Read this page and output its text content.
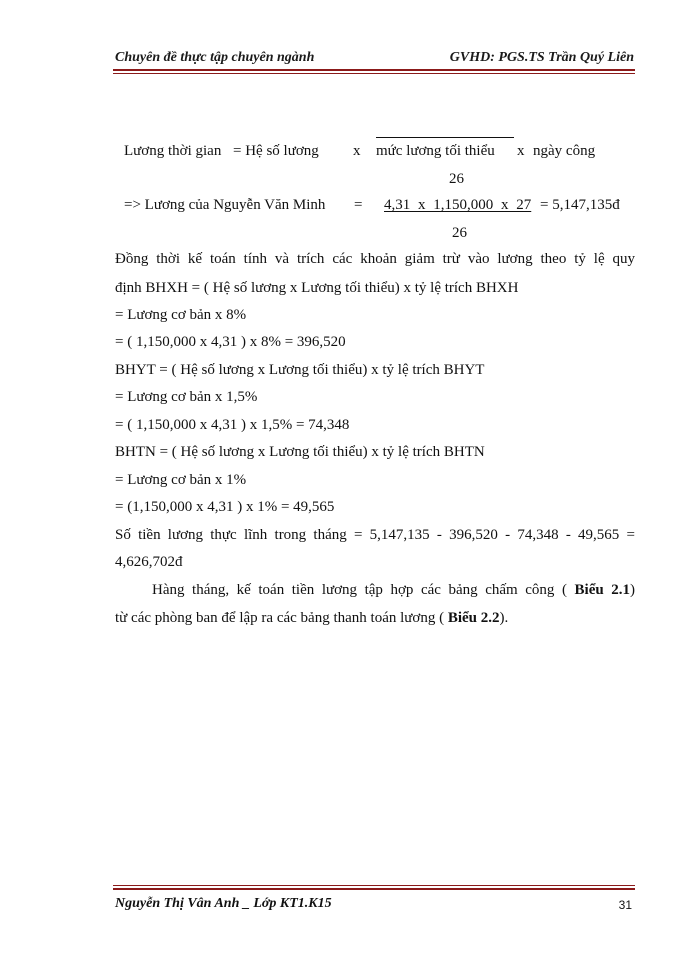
Chuyên đề thực tập chuyên ngành	GVHD: PGS.TS Trần Quý Liên
Lương thời gian = Hệ số lương x mức lương tối thiểu x ngày công
26
=> Lương của Nguyễn Văn Minh = 4,31 x 1,150,000 x 27 = 5,147,135đ
26
Đồng thời kế toán tính và trích các khoản giảm trừ vào lương theo tỷ lệ quy
định BHXH = ( Hệ số lương x Lương tối thiểu) x tỷ lệ trích BHXH
= Lương cơ bản x 8%
= ( 1,150,000 x 4,31 ) x 8% = 396,520
BHYT = ( Hệ số lương x Lương tối thiểu) x tỷ lệ trích BHYT
= Lương cơ bản x 1,5%
= ( 1,150,000 x 4,31 ) x 1,5% = 74,348
BHTN = ( Hệ số lương x Lương tối thiểu) x tỷ lệ trích BHTN
= Lương cơ bản x 1%
= (1,150,000 x 4,31 ) x 1% = 49,565
Số tiền lương thực lĩnh trong tháng = 5,147,135 - 396,520 - 74,348 - 49,565 =
4,626,702đ
Hàng tháng, kế toán tiền lương tập hợp các bảng chấm công ( Biểu 2.1)
từ các phòng ban để lập ra các bảng thanh toán lương ( Biểu 2.2).
Nguyễn Thị Vân Anh _ Lớp KT1.K15	31
